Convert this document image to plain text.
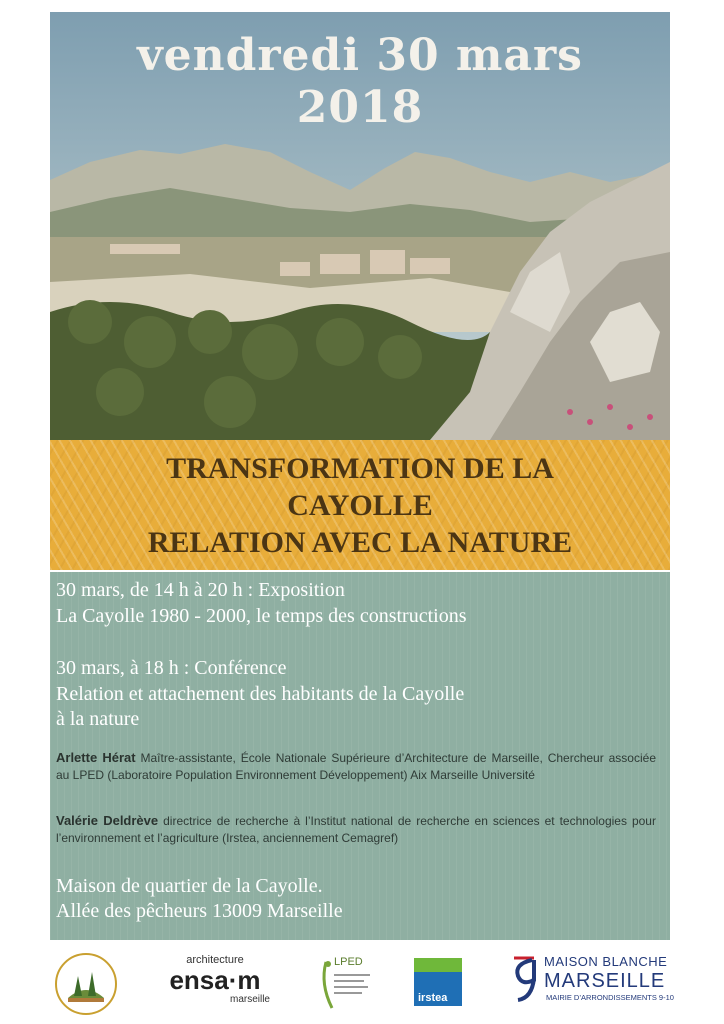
vendredi 30 mars
2018
TRANSFORMATION DE LA
CAYOLLE
RELATION AVEC LA NATURE
30 mars, de 14 h à 20 h : Exposition
La Cayolle 1980 - 2000, le temps des constructions
30 mars, à 18 h : Conférence
Relation et attachement des habitants de la Cayolle
à la nature
Arlette Hérat Maître-assistante, École Nationale Supérieure d’Architecture de Marseille, Chercheur associée au LPED (Laboratoire Population Environnement Développement) Aix Marseille Université
Valérie Deldrève directrice de recherche à l’Institut national de recherche en sciences et technologies pour l’environnement et l’agriculture (Irstea, anciennement Cemagref)
Maison de quartier de la Cayolle.
Allée des pêcheurs 13009 Marseille
architecture
ensa·m
marseille
LPED
irstea
MAISON BLANCHE
MARSEILLE
MAIRIE D’ARRONDISSEMENTS 9-10
